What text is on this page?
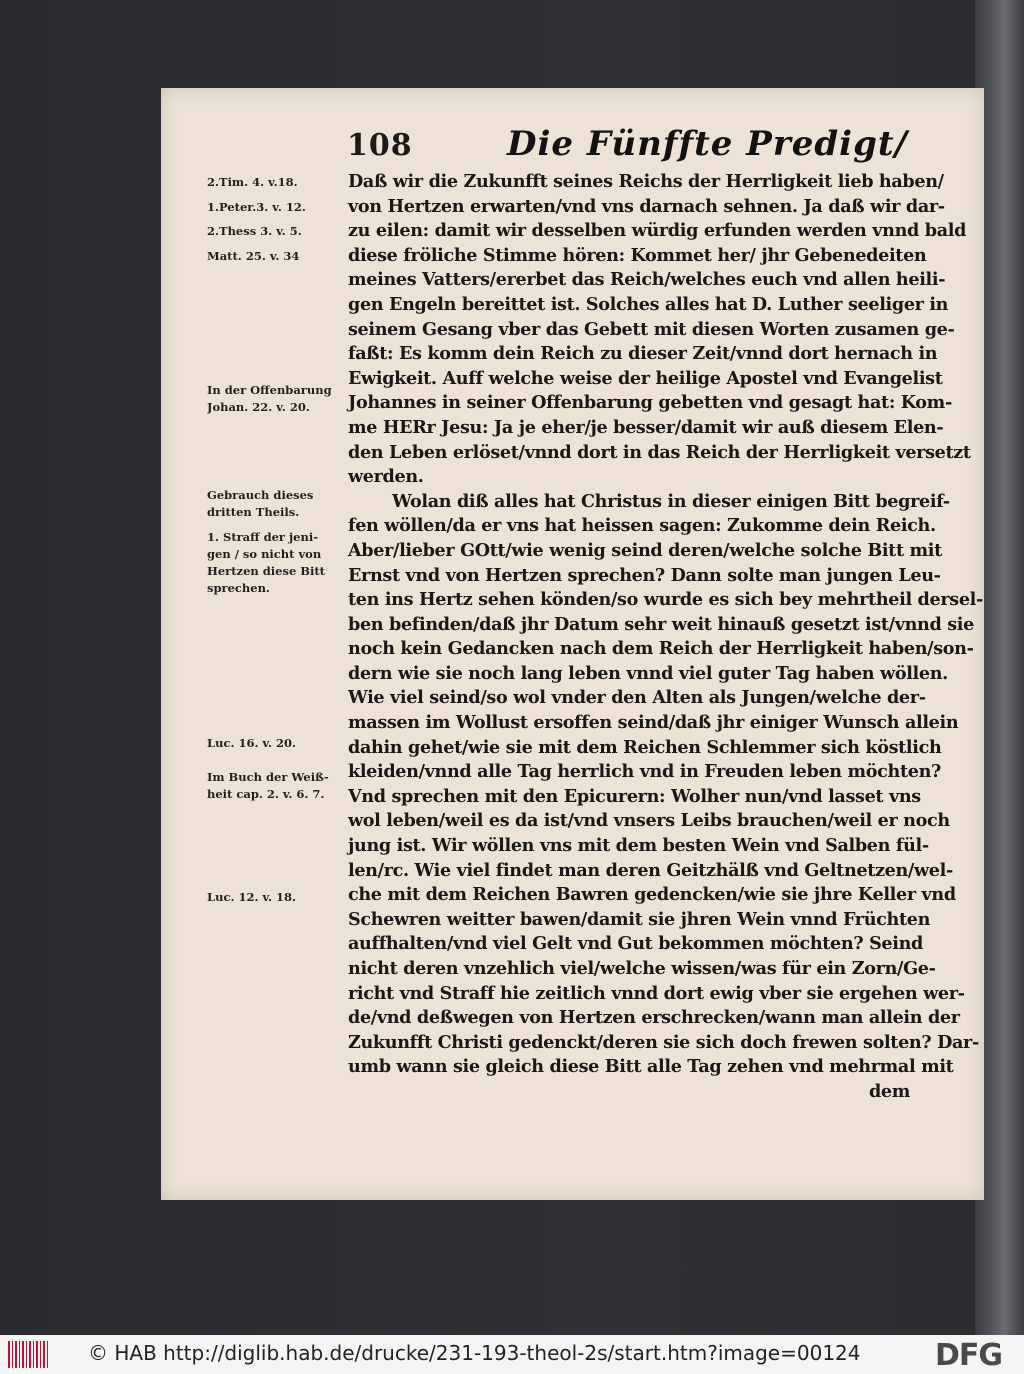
108	Die Fünffte Predigt/
2.Tim. 4. v.18.
1.Peter.3. v. 12.
2.Thess 3. v. 5.
Matt. 25. v. 34
In der Offenbarung
Johan. 22. v. 20.
Gebrauch dieses
dritten Theils.
1. Straff der jeni-
gen / so nicht von
Hertzen diese Bitt
sprechen.
Luc. 16. v. 20.
Im Buch der Weiß-
heit cap. 2. v. 6. 7.
Luc. 12. v. 18.
Daß wir die Zukunfft seines Reichs der Herrligkeit lieb haben/
von Hertzen erwarten/vnd vns darnach sehnen. Ja daß wir dar-
zu eilen: damit wir desselben würdig erfunden werden vnnd bald
diese fröliche Stimme hören: Kommet her/ jhr Gebenedeiten
meines Vatters/ererbet das Reich/welches euch vnd allen heili-
gen Engeln bereittet ist. Solches alles hat D. Luther seeliger in
seinem Gesang vber das Gebett mit diesen Worten zusamen ge-
faßt: Es komm dein Reich zu dieser Zeit/vnnd dort hernach in
Ewigkeit. Auff welche weise der heilige Apostel vnd Evangelist
Johannes in seiner Offenbarung gebetten vnd gesagt hat: Kom-
me HERr Jesu: Ja je eher/je besser/damit wir auß diesem Elen-
den Leben erlöset/vnnd dort in das Reich der Herrligkeit versetzt
werden.
Wolan diß alles hat Christus in dieser einigen Bitt begreif-
fen wöllen/da er vns hat heissen sagen: Zukomme dein Reich.
Aber/lieber GOtt/wie wenig seind deren/welche solche Bitt mit
Ernst vnd von Hertzen sprechen? Dann solte man jungen Leu-
ten ins Hertz sehen könden/so wurde es sich bey mehrtheil dersel-
ben befinden/daß jhr Datum sehr weit hinauß gesetzt ist/vnnd sie
noch kein Gedancken nach dem Reich der Herrligkeit haben/son-
dern wie sie noch lang leben vnnd viel guter Tag haben wöllen.
Wie viel seind/so wol vnder den Alten als Jungen/welche der-
massen im Wollust ersoffen seind/daß jhr einiger Wunsch allein
dahin gehet/wie sie mit dem Reichen Schlemmer sich köstlich
kleiden/vnnd alle Tag herrlich vnd in Freuden leben möchten?
Vnd sprechen mit den Epicurern: Wolher nun/vnd lasset vns
wol leben/weil es da ist/vnd vnsers Leibs brauchen/weil er noch
jung ist. Wir wöllen vns mit dem besten Wein vnd Salben fül-
len/rc. Wie viel findet man deren Geitzhälß vnd Geltnetzen/wel-
che mit dem Reichen Bawren gedencken/wie sie jhre Keller vnd
Schewren weitter bawen/damit sie jhren Wein vnnd Früchten
auffhalten/vnd viel Gelt vnd Gut bekommen möchten? Seind
nicht deren vnzehlich viel/welche wissen/was für ein Zorn/Ge-
richt vnd Straff hie zeitlich vnnd dort ewig vber sie ergehen wer-
de/vnd deßwegen von Hertzen erschrecken/wann man allein der
Zukunfft Christi gedenckt/deren sie sich doch frewen solten? Dar-
umb wann sie gleich diese Bitt alle Tag zehen vnd mehrmal mit
dem
© HAB http://diglib.hab.de/drucke/231-193-theol-2s/start.htm?image=00124 DFG
